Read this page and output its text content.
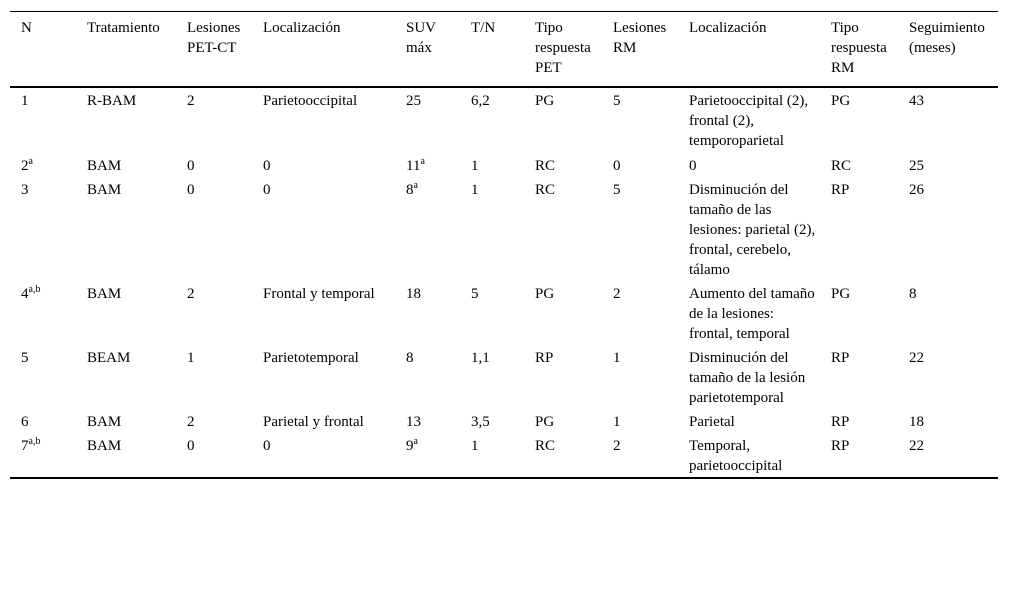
N	Tratamiento	Lesiones PET-CT	Localización	SUV máx	T/N	Tipo respuesta PET	Lesiones RM	Localización	Tipo respuesta RM	Seguimiento (meses)
1	R-BAM	2	Parietooccipital	25	6,2	PG	5	Parietooccipital (2), frontal (2), temporoparietal	PG	43
2$^a$	BAM	0	0	11$^a$	1	RC	0	0	RC	25
3	BAM	0	0	8$^a$	1	RC	5	Disminución del tamaño de las lesiones: parietal (2), frontal, cerebelo, tálamo	RP	26
4$^{a,b}$	BAM	2	Frontal y temporal	18	5	PG	2	Aumento del tamaño de la lesiones: frontal, temporal	PG	8
5	BEAM	1	Parietotemporal	8	1,1	RP	1	Disminución del tamaño de la lesión parietotemporal	RP	22
6	BAM	2	Parietal y frontal	13	3,5	PG	1	Parietal	RP	18
7$^{a,b}$	BAM	0	0	9$^a$	1	RC	2	Temporal, parietooccipital	RP	22
